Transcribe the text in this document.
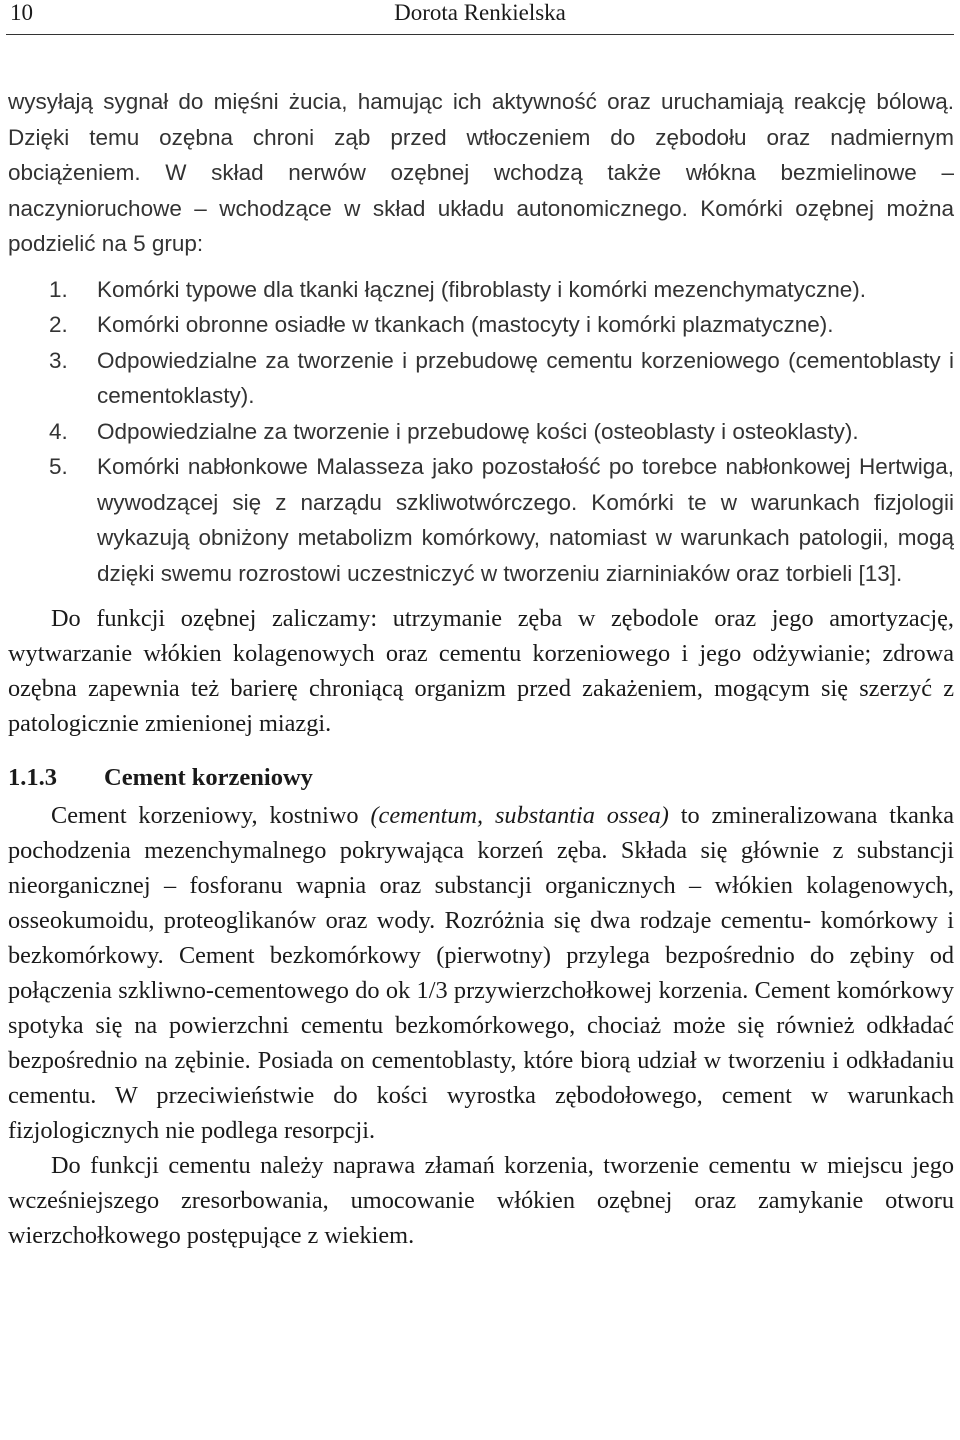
10	Dorota Renkielska

wysyłają sygnał do mięśni żucia, hamując ich aktywność oraz uruchamiają reakcję bólową. Dzięki temu ozębna chroni ząb przed wtłoczeniem do zębodołu oraz nadmiernym obciążeniem. W skład nerwów ozębnej wchodzą także włókna bezmielinowe – naczynioruchowe – wchodzące w skład układu autonomicznego. Komórki ozębnej można podzielić na 5 grup:

1. Komórki typowe dla tkanki łącznej (fibroblasty i komórki mezenchymatyczne).
2. Komórki obronne osiadłe w tkankach (mastocyty i komórki plazmatyczne).
3. Odpowiedzialne za tworzenie i przebudowę cementu korzeniowego (cementoblasty i cementoklasty).
4. Odpowiedzialne za tworzenie i przebudowę kości (osteoblasty i osteoklasty).
5. Komórki nabłonkowe Malasseza jako pozostałość po torebce nabłonkowej Hertwiga, wywodzącej się z narządu szkliwotwórczego. Komórki te w warunkach fizjologii wykazują obniżony metabolizm komórkowy, natomiast w warunkach patologii, mogą dzięki swemu rozrostowi uczestniczyć w tworzeniu ziarniniaków oraz torbieli [13].

Do funkcji ozębnej zaliczamy: utrzymanie zęba w zębodole oraz jego amortyzację, wytwarzanie włókien kolagenowych oraz cementu korzeniowego i jego odżywianie; zdrowa ozębna zapewnia też barierę chroniącą organizm przed zakażeniem, mogącym się szerzyć z patologicznie zmienionej miazgi.

1.1.3 Cement korzeniowy

Cement korzeniowy, kostniwo (cementum, substantia ossea) to zmineralizowana tkanka pochodzenia mezenchymalnego pokrywająca korzeń zęba. Składa się głównie z substancji nieorganicznej – fosforanu wapnia oraz substancji organicznych – włókien kolagenowych, osseokumoidu, proteoglikanów oraz wody. Rozróżnia się dwa rodzaje cementu- komórkowy i bezkomórkowy. Cement bezkomórkowy (pierwotny) przylega bezpośrednio do zębiny od połączenia szkliwno-cementowego do ok 1/3 przywierzchołkowej korzenia. Cement komórkowy spotyka się na powierzchni cementu bezkomórkowego, chociaż może się również odkładać bezpośrednio na zębinie. Posiada on cementoblasty, które biorą udział w tworzeniu i odkładaniu cementu. W przeciwieństwie do kości wyrostka zębodołowego, cement w warunkach fizjologicznych nie podlega resorpcji.

Do funkcji cementu należy naprawa złamań korzenia, tworzenie cementu w miejscu jego wcześniejszego zresorbowania, umocowanie włókien ozębnej oraz zamykanie otworu wierzchołkowego postępujące z wiekiem.
